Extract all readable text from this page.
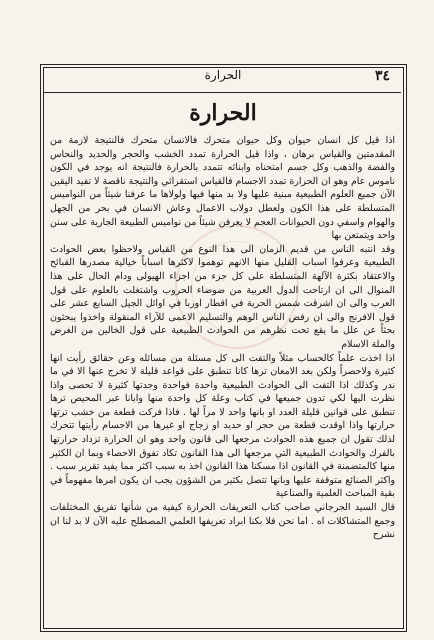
٣٤
الحرارة
الحرارة

اذا قيل كل انسان حيوان وكل حيوان متحرك فالانسان متحرك فالنتيجة لازمة من المقدمتين والقياس برهان ، واذا قيل الحرارة تمدد الخشب والحجر والحديد والنحاس والفضة والذهب وكل جسم امتحناه وابنائه تتمدد بالحرارة فالنتيجة انه يوجد في الكون ناموس عام وهو ان الحرارة تمدد الاجسام فالقياس استقرائي والنتيجة ناقصة لا تفيد اليقين الآن جميع العلوم الطبيعية مبنية عليها ولا بد منها فيها ولولاها ما عرفنا شيئاً من النواميس المتسلطة على هذا الكون ولعطل دولاب الاعمال وعاش الانسان في بحر من الجهل والهوام واسفي دون الحيوانات العجم لا يعرفن شيئاً من نواميس الطبيعة الجارية على سنن واحد ويتمتعن بها

وقد انتبه الناس من قديم الزمان الى هذا النوع من القياس ولاحظوا بعض الحوادث الطبيعية وعرفوا اسباب القليل منها الانهم توهموا لاكثرها اسباباً خيالية مصدرها القبائح والاعتقاد بكثرة الآلهة المتسلطة على كل جزء من اجزاء الهيولى ودام الحال على هذا المنوال الى ان ارتاحت الدول العربية من ضوضاء الحروب واشتغلت بالعلوم على قول العرب والى ان اشرقت شمس الحرية في اقطار اوربا في اوائل الجيل السابع عشر على قول الافرنج والى ان رفض الناس الوهم والتسليم الاعمى للآراء المنقولة واخذوا يبحثون بحثاً عن علل ما يقع تحت نظرهم من الحوادث الطبيعية على قول الخالين من الغرض والملة الاسلام

اذا اخذت علماً كالحساب مثلاً والتفت الى كل مسئلة من مسائله وعن حقائق رأيت انها كثيرة ولاحصراً ولكن بعد الامعان ترها كانا تنطبق على قواعد قليلة لا تخرج عنها الا في ما ندر وكذلك اذا التفت الى الحوادث الطبيعية واحدة فواحدة وجدتها كثيرة لا تحصى واذا نظرت اليها لكي تدون جميعها في كتاب وعلة كل واحدة منها وابانا عبر المحيص ترها تنطبق على قوانين قليلة العدد او بانها واحد لا مراً لها . فاذا فركت قطعة من خشب ترتها حرارتها واذا اوقدت قطعة من حجر او حديد او زجاج او غيرها من الاجسام رأيتها تتحرك لذلك تقول ان جميع هذه الحوادث مرجعها الى قانون واحد وهو ان الحرارة تزداد حرارتها بالفرك والحوادث الطبيعية التي مرجعها الى هذا القانون تكاد تفوق الاحصاء وبما ان الكثير منها كالمتضمنة في القانون اذا مسكنا هذا القانون اخذ به سبب اكثر مما يفيد تقرير سبب . واكثر الصنائع متوقفة عليها وبانها تتصل بكثير من الشؤون يجب ان يكون امرها مفهوماً في بقية المباحث العلمية والصناعية

قال السيد الجرجاني صاحب كتاب التعريفات الحرارة كيفية من شأنها تفريق المختلفات وجمع المتشاكلات اه . اما نحن فلا بكنا ابراد تعريفها العلمي المصطلح عليه الآن لا بد لنا ان نشرح
